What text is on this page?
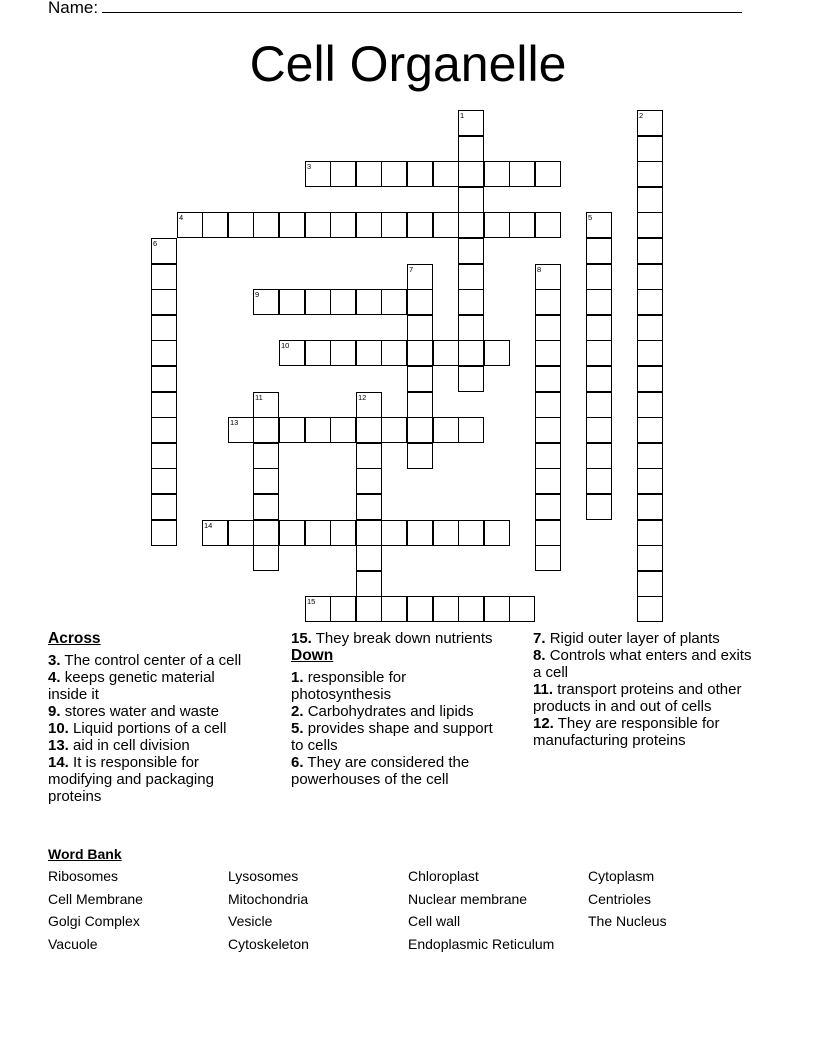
Name:
Cell Organelle
1	2
3
4	5
6
7	8
9
10
11	12
13
14
15
Across
3. The control center of a cell
4. keeps genetic material inside it
9. stores water and waste
10. Liquid portions of a cell
13. aid in cell division
14. It is responsible for modifying and packaging proteins
15. They break down nutrients
Down
1. responsible for photosynthesis
2. Carbohydrates and lipids
5. provides shape and support to cells
6. They are considered the powerhouses of the cell
7. Rigid outer layer of plants
8. Controls what enters and exits a cell
11. transport proteins and other products in and out of cells
12. They are responsible for manufacturing proteins
Word Bank
Ribosomes
Cell Membrane
Golgi Complex
Vacuole
Lysosomes
Mitochondria
Vesicle
Cytoskeleton
Chloroplast
Nuclear membrane
Cell wall
Endoplasmic Reticulum
Cytoplasm
Centrioles
The Nucleus
